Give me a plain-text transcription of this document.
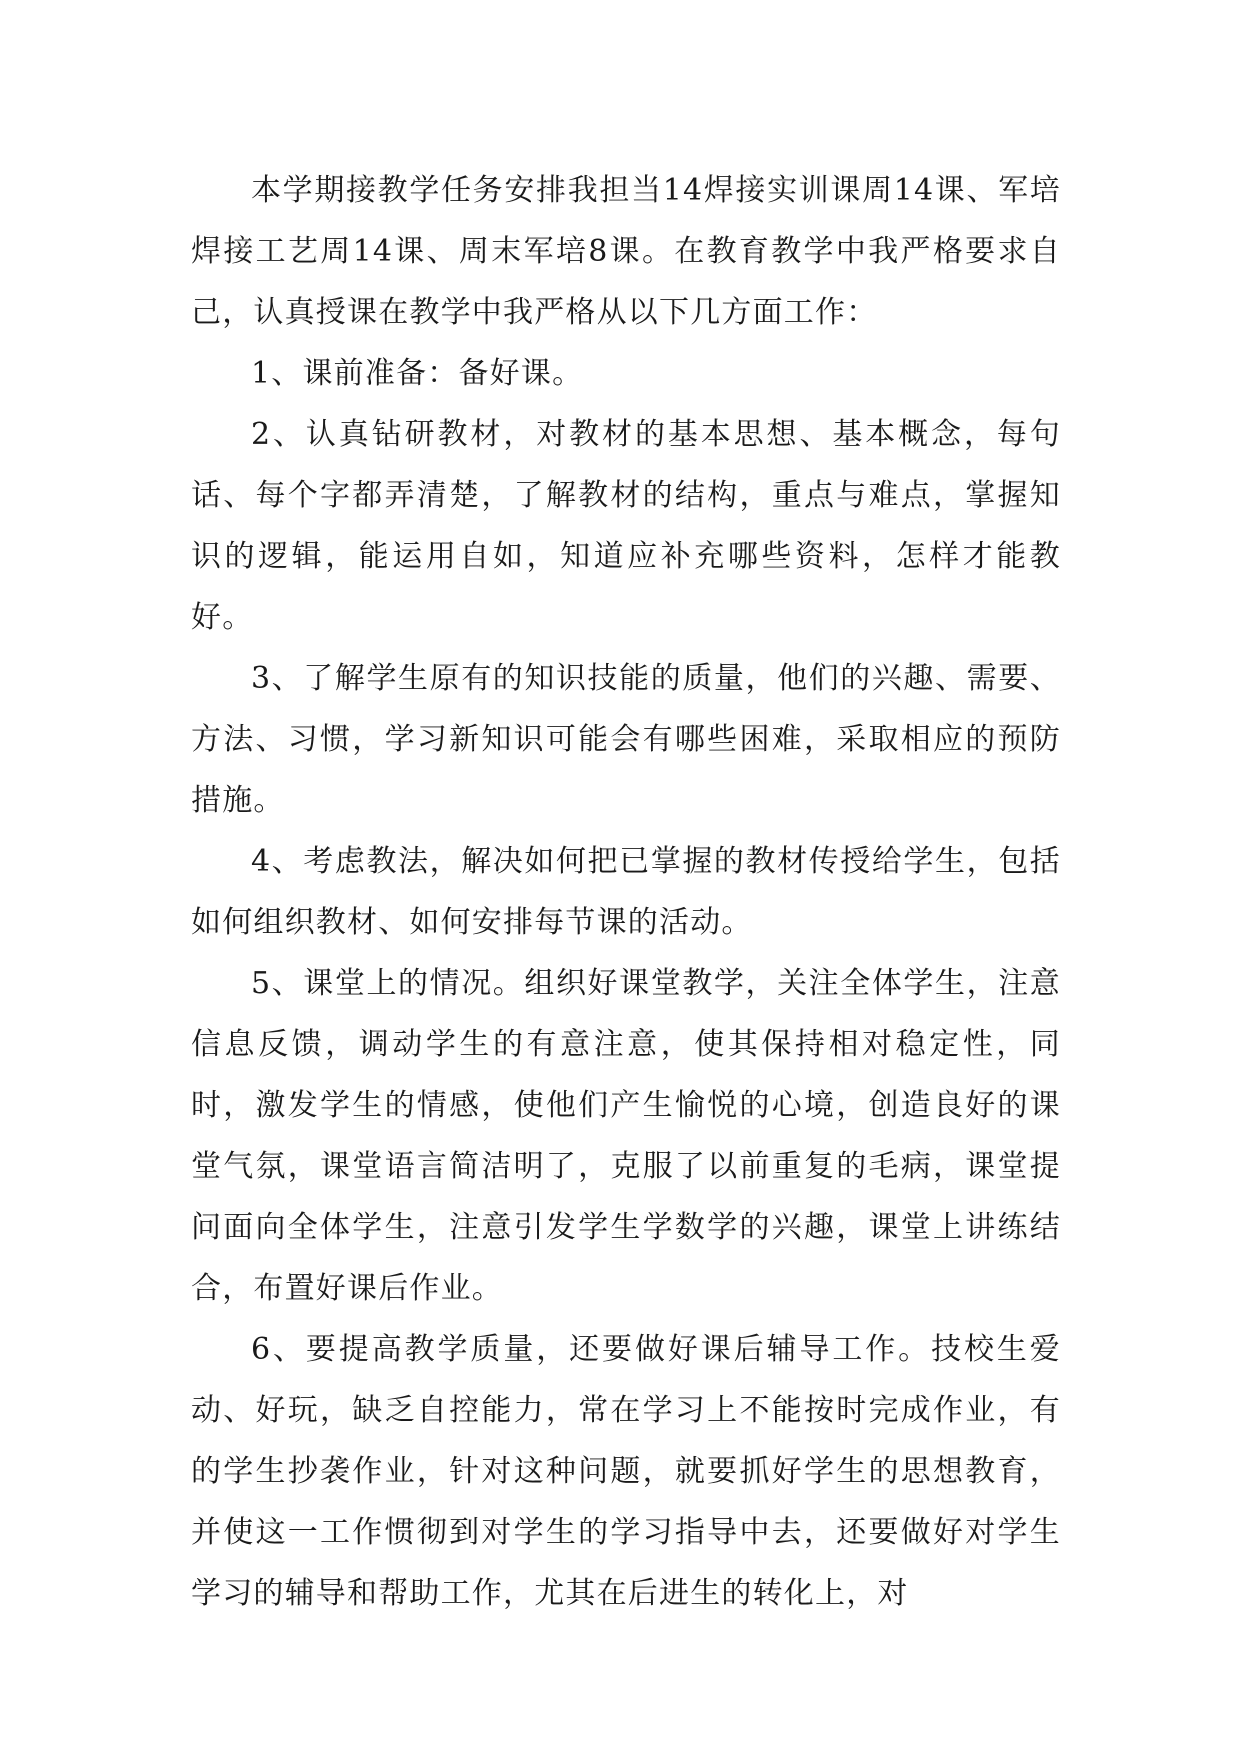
本学期接教学任务安排我担当14焊接实训课周14课、军培焊接工艺周14课、周末军培8课。在教育教学中我严格要求自己，认真授课在教学中我严格从以下几方面工作：

1、课前准备：备好课。

2、认真钻研教材，对教材的基本思想、基本概念，每句话、每个字都弄清楚，了解教材的结构，重点与难点，掌握知识的逻辑，能运用自如，知道应补充哪些资料，怎样才能教好。

3、了解学生原有的知识技能的质量，他们的兴趣、需要、方法、习惯，学习新知识可能会有哪些困难，采取相应的预防措施。

4、考虑教法，解决如何把已掌握的教材传授给学生，包括如何组织教材、如何安排每节课的活动。

5、课堂上的情况。组织好课堂教学，关注全体学生，注意信息反馈，调动学生的有意注意，使其保持相对稳定性，同时，激发学生的情感，使他们产生愉悦的心境，创造良好的课堂气氛，课堂语言简洁明了，克服了以前重复的毛病，课堂提问面向全体学生，注意引发学生学数学的兴趣，课堂上讲练结合，布置好课后作业。

6、要提高教学质量，还要做好课后辅导工作。技校生爱动、好玩，缺乏自控能力，常在学习上不能按时完成作业，有的学生抄袭作业，针对这种问题，就要抓好学生的思想教育，并使这一工作惯彻到对学生的学习指导中去，还要做好对学生学习的辅导和帮助工作，尤其在后进生的转化上，对
